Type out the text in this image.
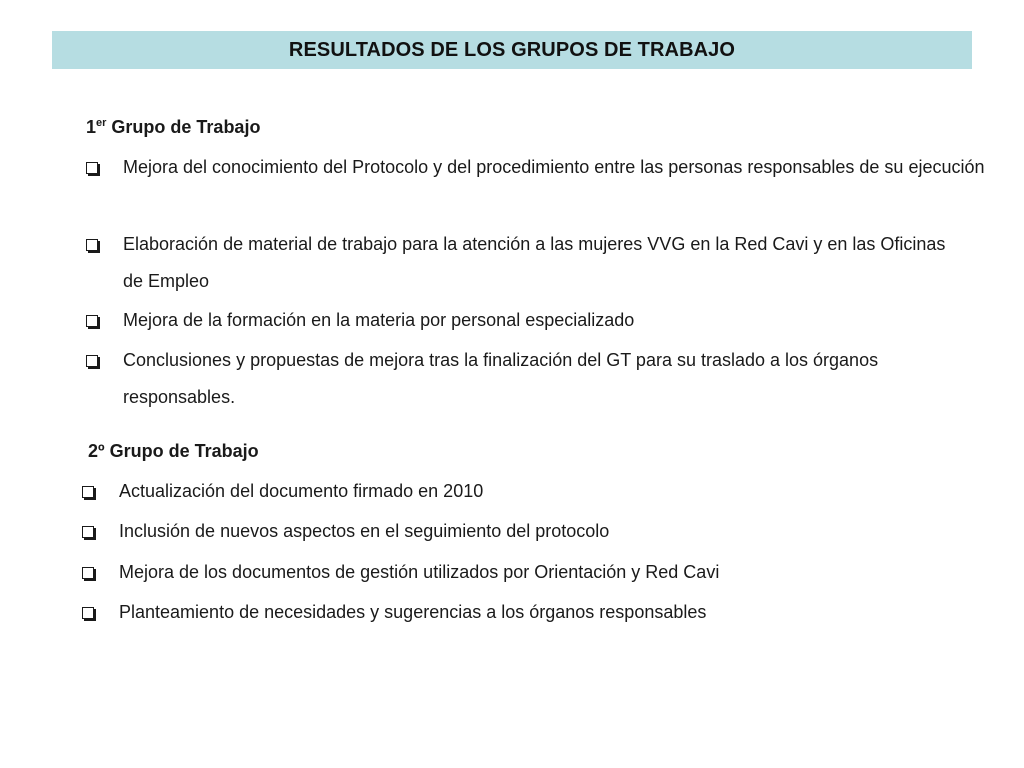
RESULTADOS DE LOS GRUPOS DE TRABAJO
1er Grupo de Trabajo
Mejora del conocimiento del Protocolo y del procedimiento entre las personas responsables de su ejecución
Elaboración de material de trabajo para la atención a las mujeres VVG en la Red Cavi y en las Oficinas de Empleo
Mejora de la formación en la materia por personal especializado
Conclusiones y propuestas de mejora tras la finalización del GT para su traslado a los órganos responsables.
2º Grupo de Trabajo
Actualización del documento firmado en 2010
Inclusión de nuevos aspectos en el seguimiento del protocolo
Mejora de los documentos de gestión utilizados por Orientación y Red Cavi
Planteamiento de necesidades y sugerencias a los órganos responsables
